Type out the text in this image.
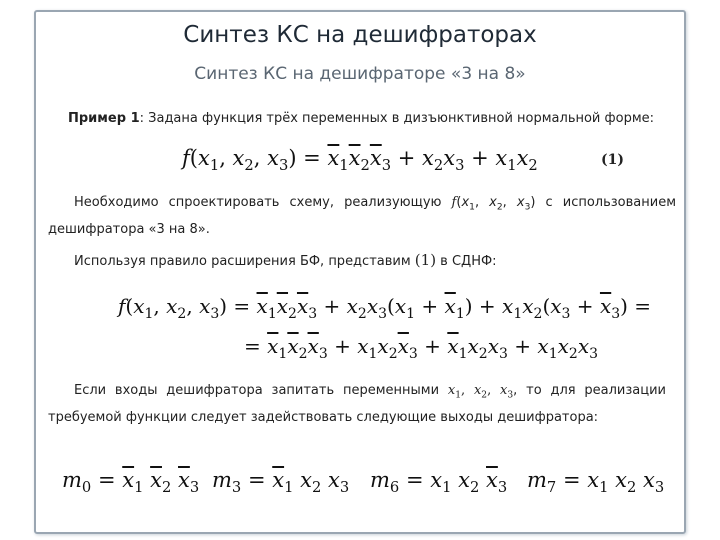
Синтез КС на дешифраторах
Синтез КС на дешифраторе «3 на 8»
Пример 1: Задана функция трёх переменных в дизъюнктивной нормальной форме:
$f(x_1$, $x_2$, $x_3) = \overline{x}_1\overline{x}_2\overline{x}_3 + x_2x_3 + x_1x_2$	(1)
Необходимо спроектировать схему, реализующую $f(x_1$, $x_2$, $x_3$) с использованием дешифратора «3 на 8».
Используя правило расширения БФ, представим (1) в СДНФ:
$f(x_1$, $x_2$, $x_3) = \overline{x}_1\overline{x}_2\overline{x}_3 + x_2x_3(x_1 + \overline{x}_1) + x_1x_2(x_3 + \overline{x}_3)$ =
= $\overline{x}_1\overline{x}_2\overline{x}_3 + x_1x_2\overline{x}_3 + \overline{x}_1x_2x_3 + x_1x_2x_3$
Если входы дешифратора запитать переменными $x_1$, $x_2$, $x_3$, то для реализации требуемой функции следует задействовать следующие выходы дешифратора:
$m_0 = \overline{x}_1$ $\overline{x}_2$ $\overline{x}_3$ $m_3 = \overline{x}_1$ $x_2$ $x_3$ $m_6 = x_1$ $x_2$ $\overline{x}_3$ $m_7 = x_1$ $x_2$ $x_3$
